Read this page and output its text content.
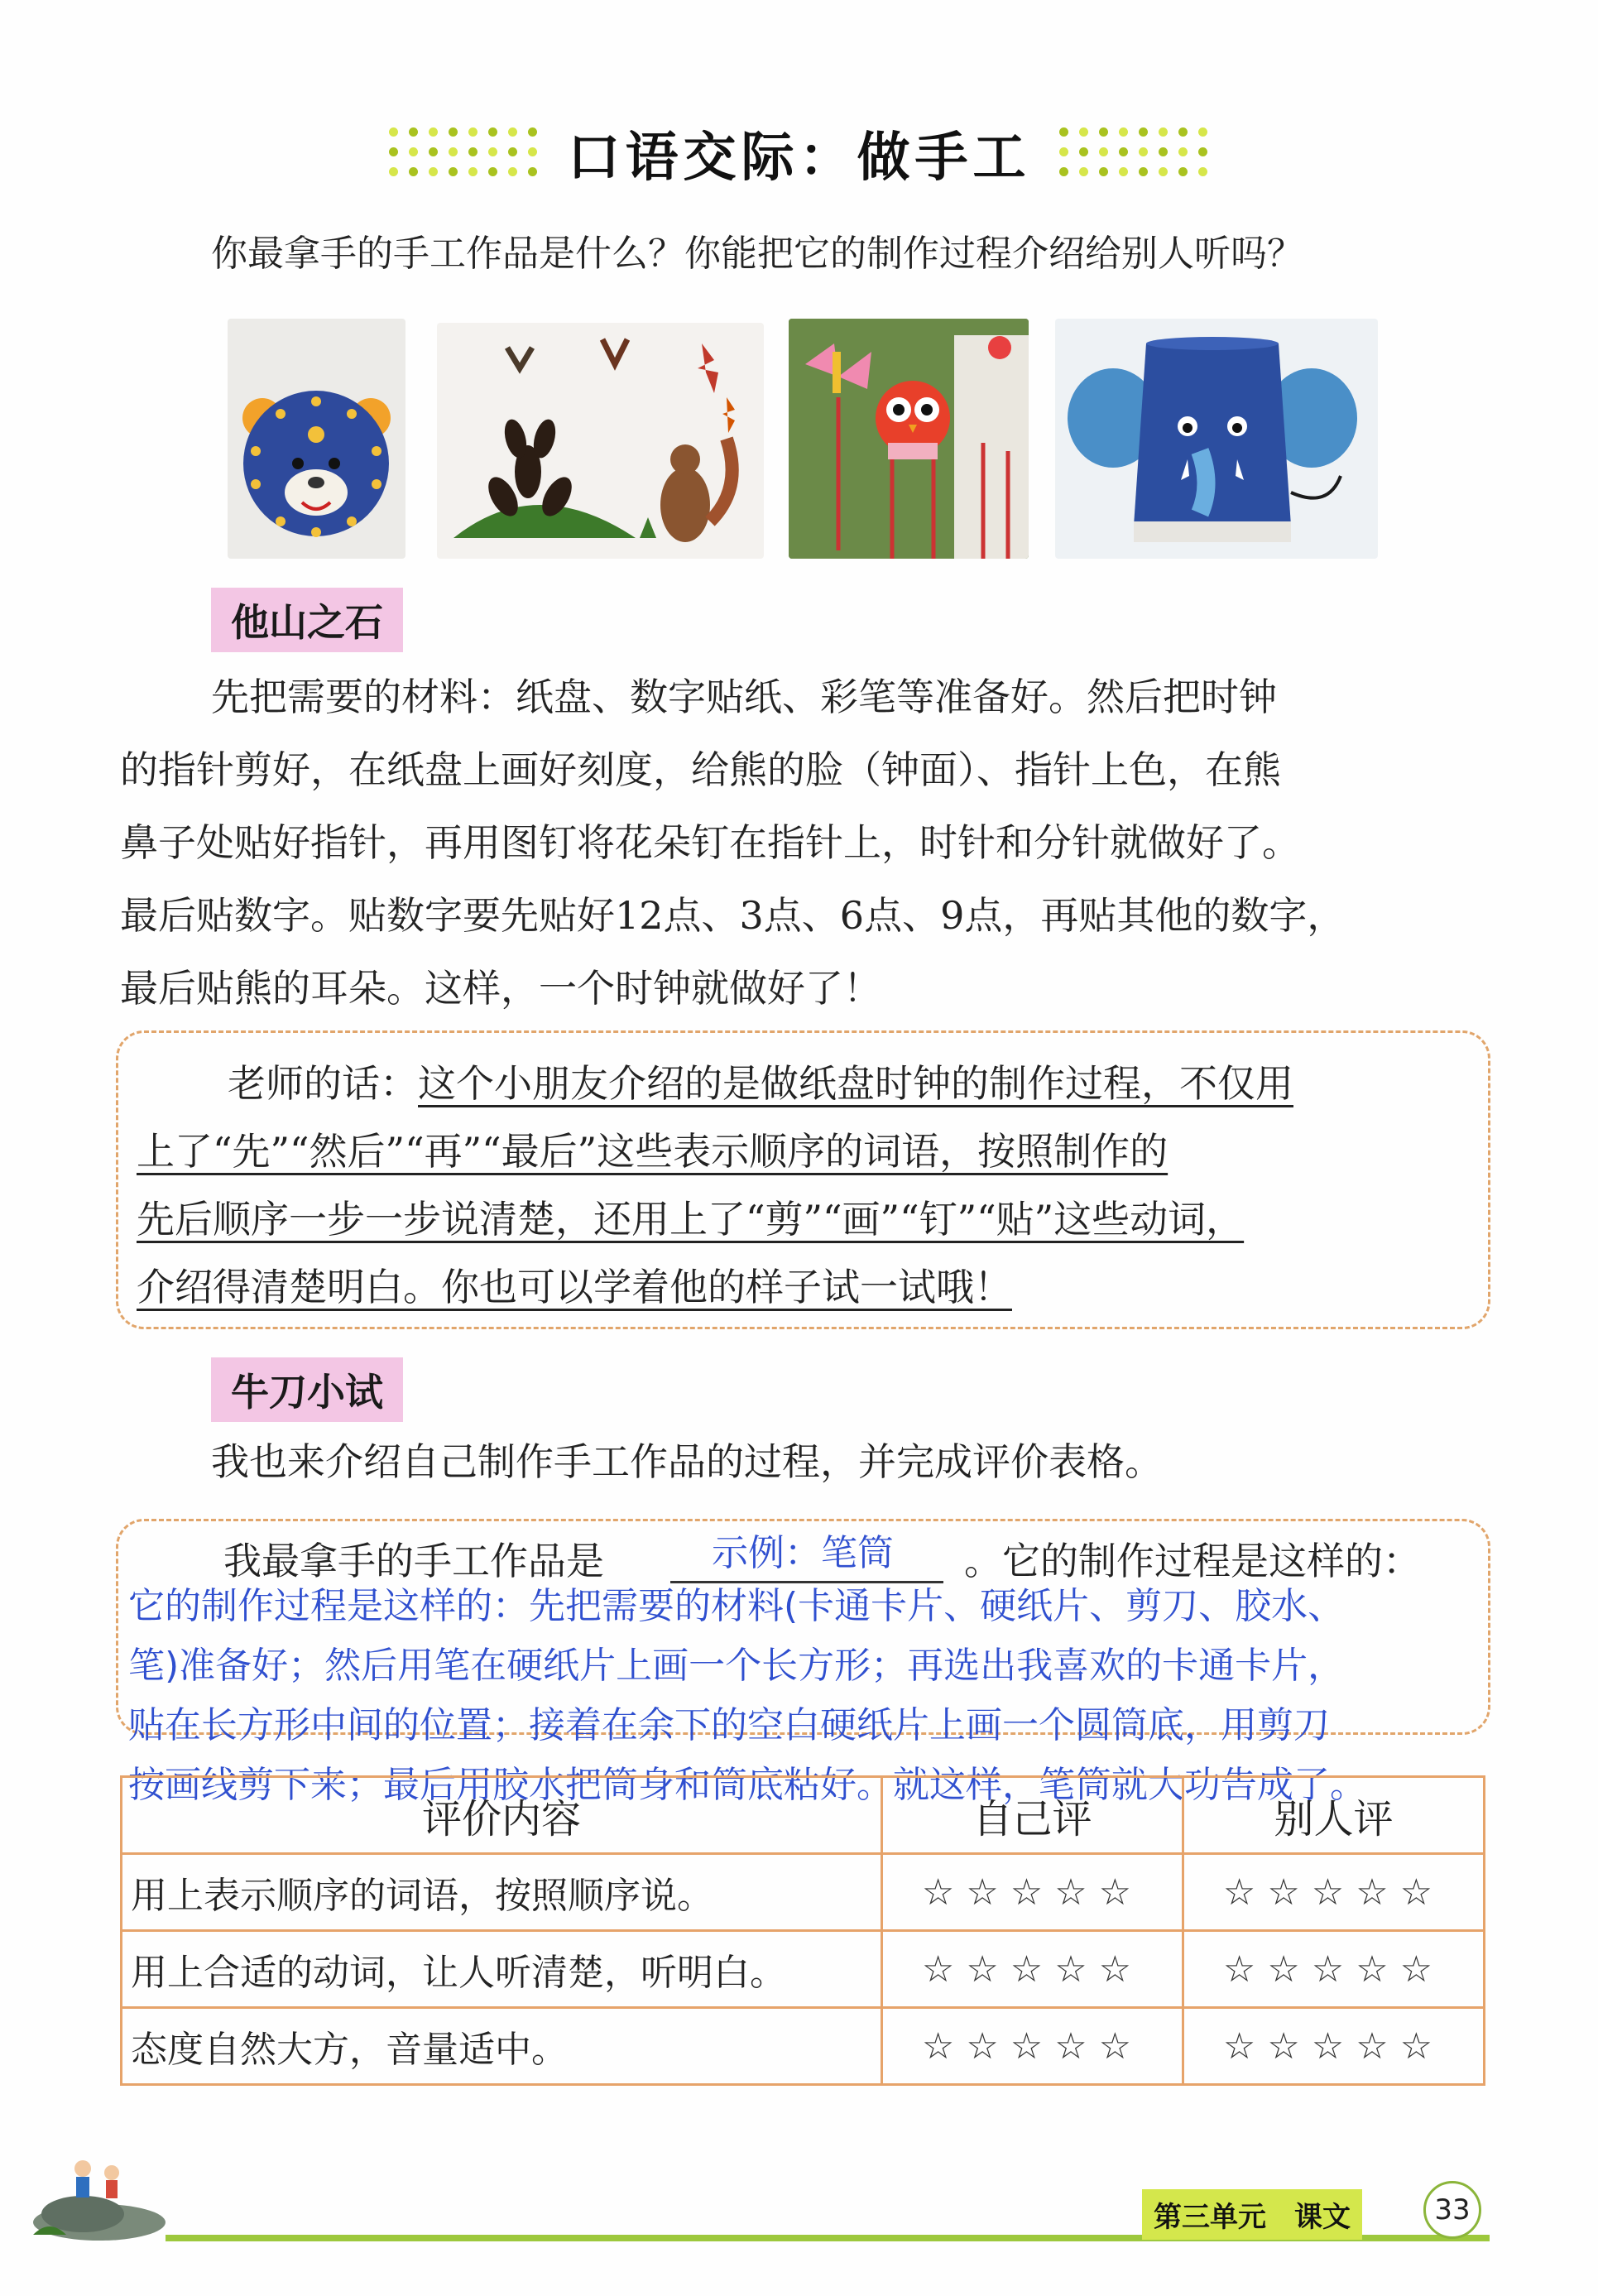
口语交际：做手工
你最拿手的手工作品是什么？你能把它的制作过程介绍给别人听吗？
他山之石

先把需要的材料：纸盘、数字贴纸、彩笔等准备好。然后把时钟

的指针剪好，在纸盘上画好刻度，给熊的脸（钟面）、指针上色，在熊

鼻子处贴好指针，再用图钉将花朵钉在指针上，时针和分针就做好了。

最后贴数字。贴数字要先贴好12点、3点、6点、9点，再贴其他的数字，

最后贴熊的耳朵。这样，一个时钟就做好了！

老师的话：这个小朋友介绍的是做纸盘时钟的制作过程，不仅用

上了“先”“然后”“再”“最后”这些表示顺序的词语，按照制作的

先后顺序一步一步说清楚，还用上了“剪”“画”“钉”“贴”这些动词，

介绍得清楚明白。你也可以学着他的样子试一试哦！

牛刀小试
我也来介绍自己制作手工作品的过程，并完成评价表格。
我最拿手的手工作品是	示例：笔筒 。它的制作过程是这样的：

它的制作过程是这样的：先把需要的材料(卡通卡片、硬纸片、剪刀、胶水、

笔)准备好；然后用笔在硬纸片上画一个长方形；再选出我喜欢的卡通卡片，

贴在长方形中间的位置；接着在余下的空白硬纸片上画一个圆筒底，用剪刀

按画线剪下来；最后用胶水把筒身和筒底粘好。就这样，笔筒就大功告成了。

评价内容	自己评	别人评
用上表示顺序的词语，按照顺序说。	☆☆☆☆☆	☆☆☆☆☆
用上合适的动词，让人听清楚，听明白。	☆☆☆☆☆	☆☆☆☆☆
态度自然大方，音量适中。	☆☆☆☆☆	☆☆☆☆☆
第三单元　课文	33
